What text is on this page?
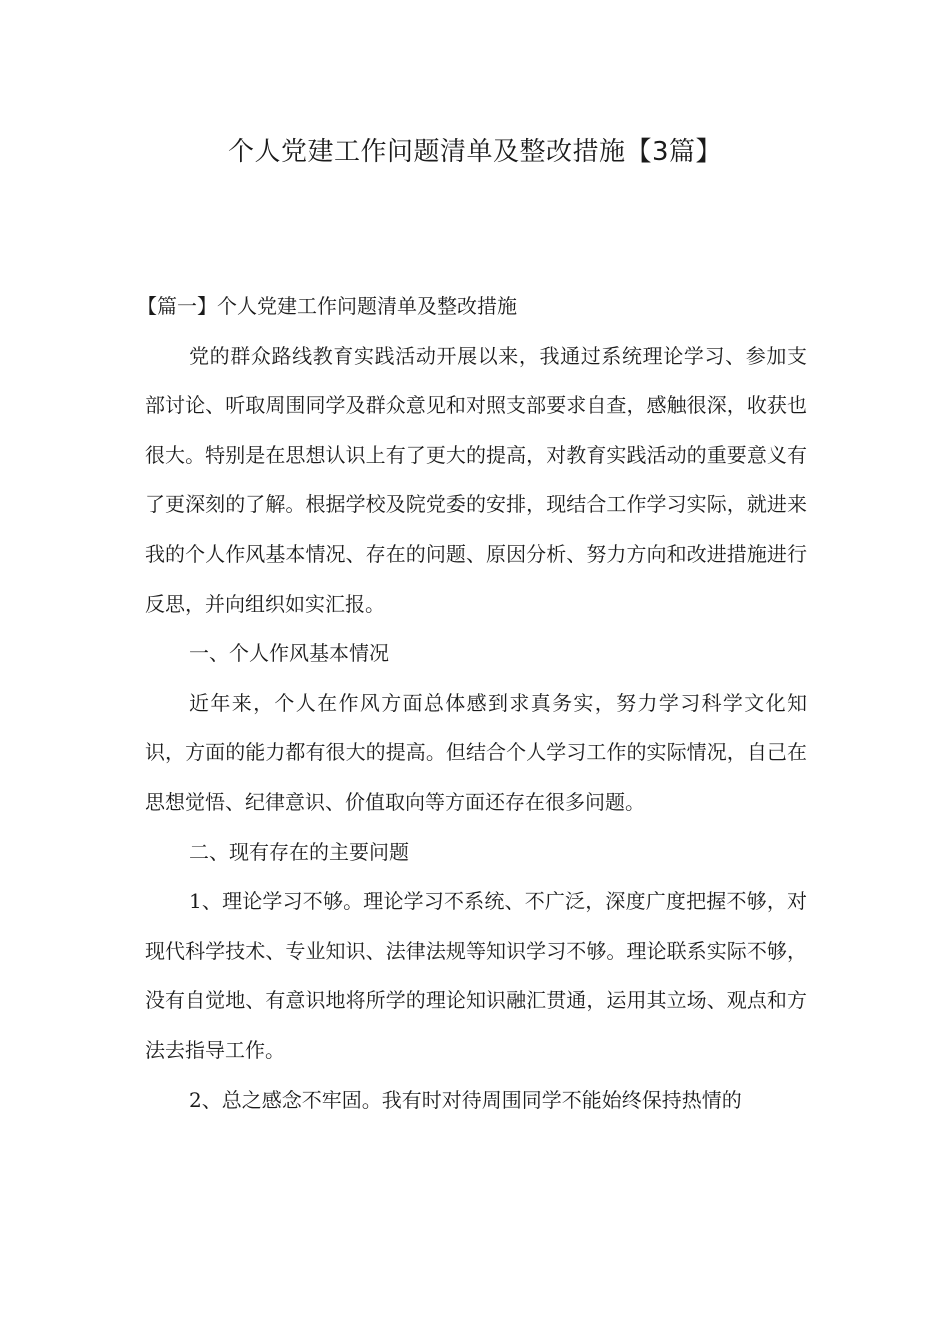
个人党建工作问题清单及整改措施【3篇】

【篇一】个人党建工作问题清单及整改措施

党的群众路线教育实践活动开展以来，我通过系统理论学习、参加支部讨论、听取周围同学及群众意见和对照支部要求自查，感触很深，收获也很大。特别是在思想认识上有了更大的提高，对教育实践活动的重要意义有了更深刻的了解。根据学校及院党委的安排，现结合工作学习实际，就进来我的个人作风基本情况、存在的问题、原因分析、努力方向和改进措施进行反思，并向组织如实汇报。

一、个人作风基本情况

近年来，个人在作风方面总体感到求真务实，努力学习科学文化知识，方面的能力都有很大的提高。但结合个人学习工作的实际情况，自己在思想觉悟、纪律意识、价值取向等方面还存在很多问题。

二、现有存在的主要问题

1、理论学习不够。理论学习不系统、不广泛，深度广度把握不够，对现代科学技术、专业知识、法律法规等知识学习不够。理论联系实际不够，没有自觉地、有意识地将所学的理论知识融汇贯通，运用其立场、观点和方法去指导工作。

2、总之感念不牢固。我有时对待周围同学不能始终保持热情的
